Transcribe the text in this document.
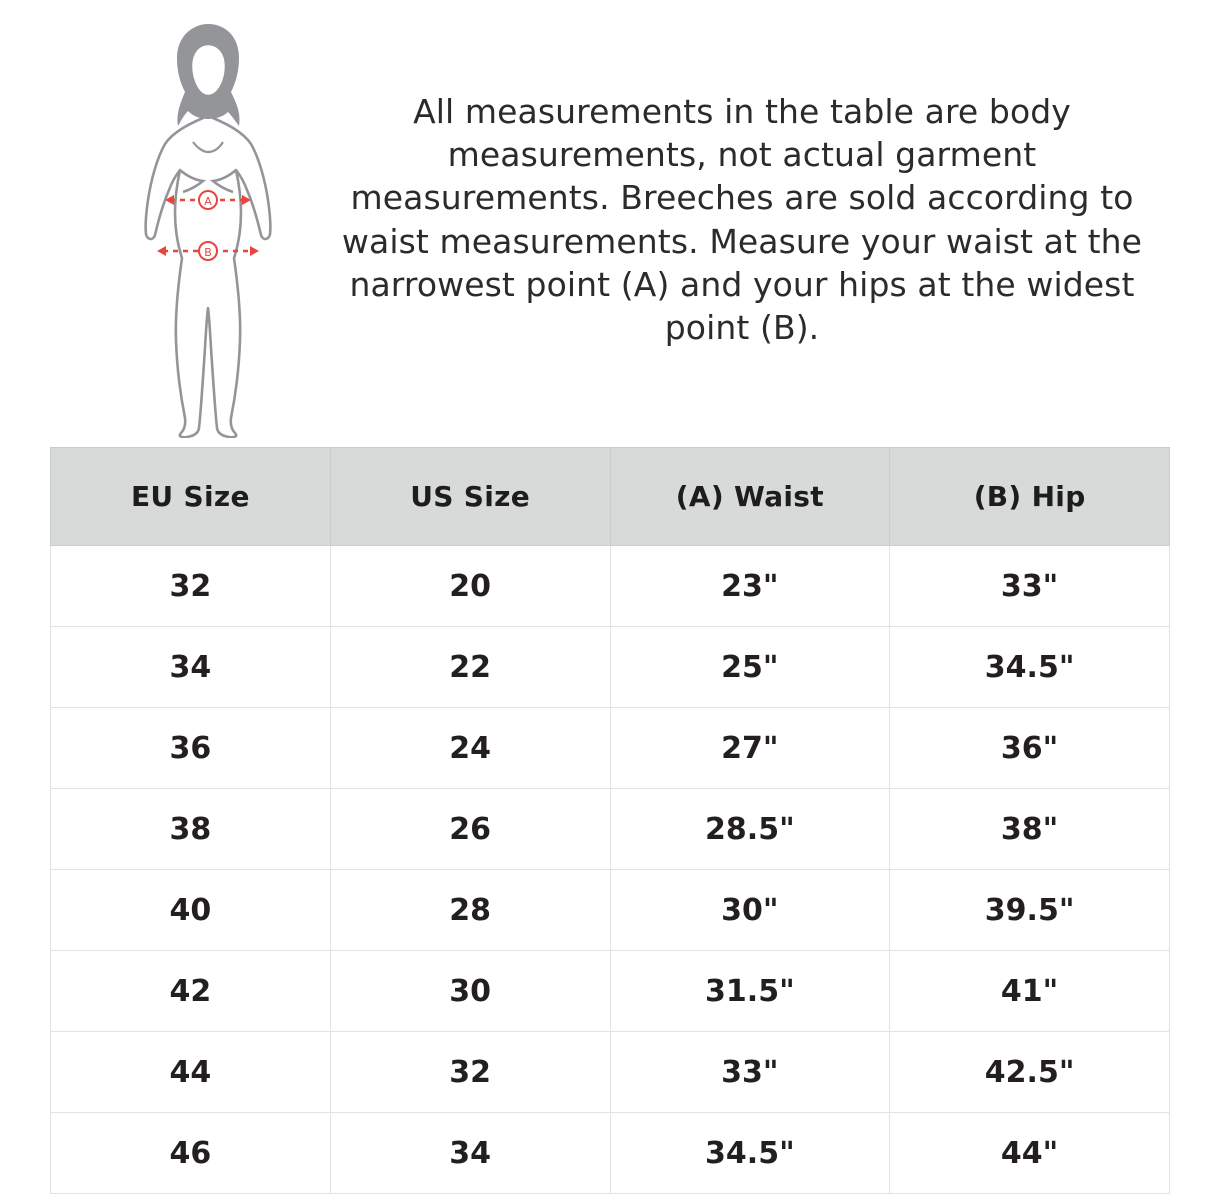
A
B
All measurements in the table are body measurements, not actual garment measurements. Breeches are sold according to waist measurements. Measure your waist at the narrowest point (A) and your hips at the widest point (B).
EU Size	US Size	(A) Waist	(B) Hip
32	20	23"	33"
34	22	25"	34.5"
36	24	27"	36"
38	26	28.5"	38"
40	28	30"	39.5"
42	30	31.5"	41"
44	32	33"	42.5"
46	34	34.5"	44"
